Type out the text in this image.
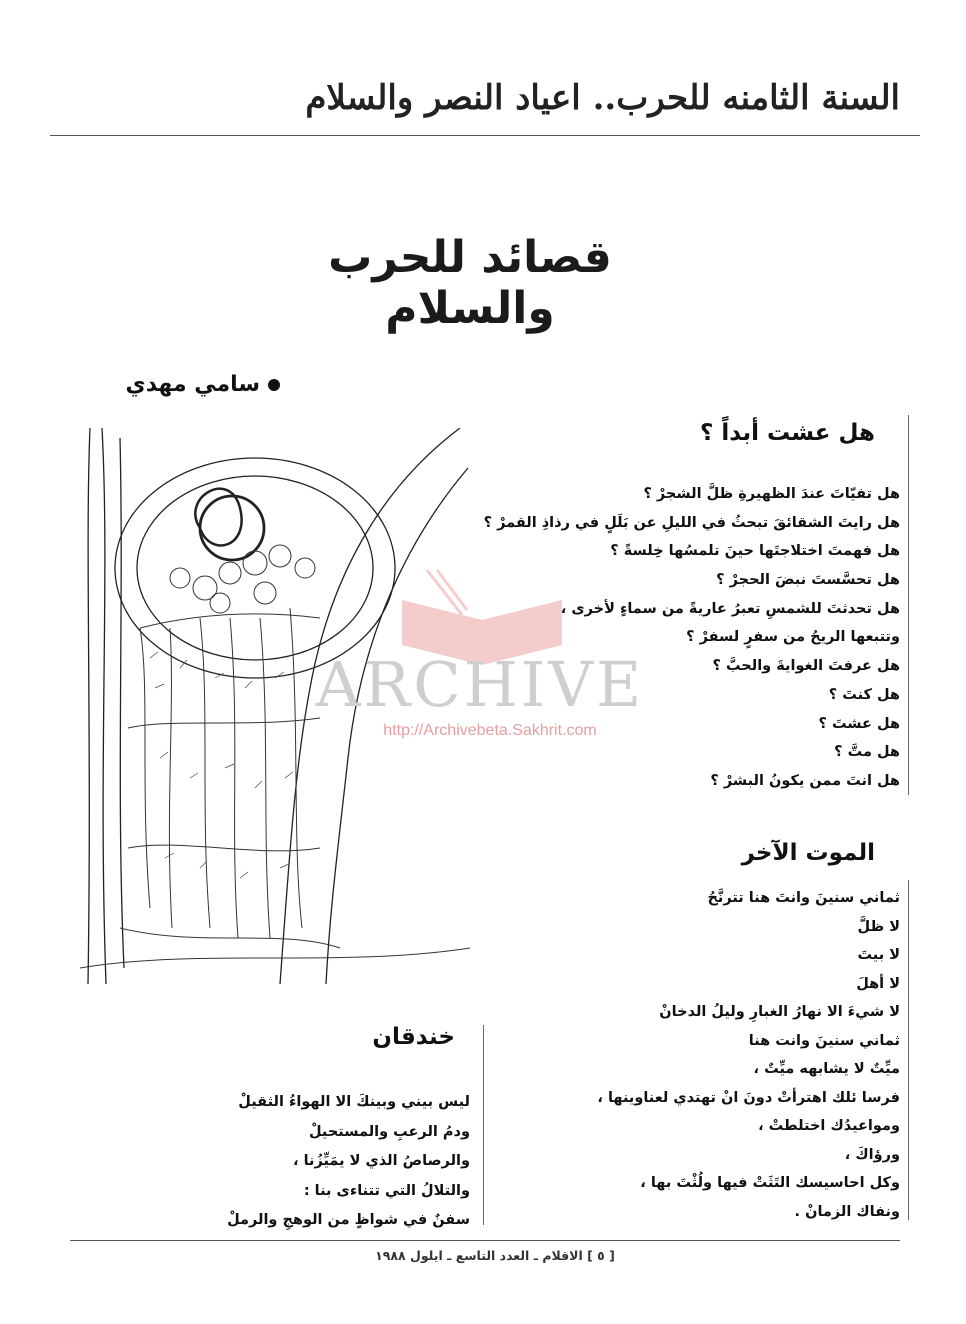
السنة الثامنه للحرب.. اعياد النصر والسلام
قصائد للحرب والسلام
سامي مهدي
هل عشت أبداً ؟
هل تفيّاتَ عندَ الظهيرةِ ظلَّ الشجرْ ؟
هل رايتَ الشقائقَ تبحثُ في الليلِ عن بَلَلٍ في رذاذِ القمرْ ؟
هل فهمتَ اختلاجتَها حينَ تلمسُها خِلسةً ؟
هل تحسَّستَ نبضَ الحجرْ ؟
هل تحدثتَ للشمسِ تعبرُ عاريةً من سماءٍ لأخرى ،
وتتبعها الريحُ من سفرٍ لسفرْ ؟
هل عرفتَ الغوايةَ والحبَّ ؟
هل كنتَ ؟
هل عشتَ ؟
هل متَّ ؟
هل انتَ ممن يكونُ البشرْ ؟
الموت الآخر
ثماني سنينَ وانتَ هنا تترنَّحُ
لا ظلَّ
لا بيتَ
لا أهلَ
لا شيءَ الا نهارُ الغبارِ وليلُ الدخانْ
ثماني سنينَ وانت هنا
ميِّتٌ لا يشابهه ميِّتٌ ،
فرسا ئلك اهترأتْ دونَ انْ تهتدي لعناوينها ،
ومواعيدُك اختلطتْ ،
ورؤاكَ ،
وكل احاسيسك التَثَتْ فيها ولُثْتَ بها ،
ونفاك الزمانْ .
خندقان
ليس بيني وبينكَ الا الهواءُ الثقيلْ
ودمُ الرعبِ والمستحيلْ
والرصاصُ الذي لا يمَيِّزُنا ،
والتلالُ التي تتناءى بنا :
سفنٌ في شواظٍ من الوهجِ والرملْ
ARCHIVE
http://Archivebeta.Sakhrit.com
[ ٥ ] الاقلام ـ العدد التاسع ـ ايلول ١٩٨٨
